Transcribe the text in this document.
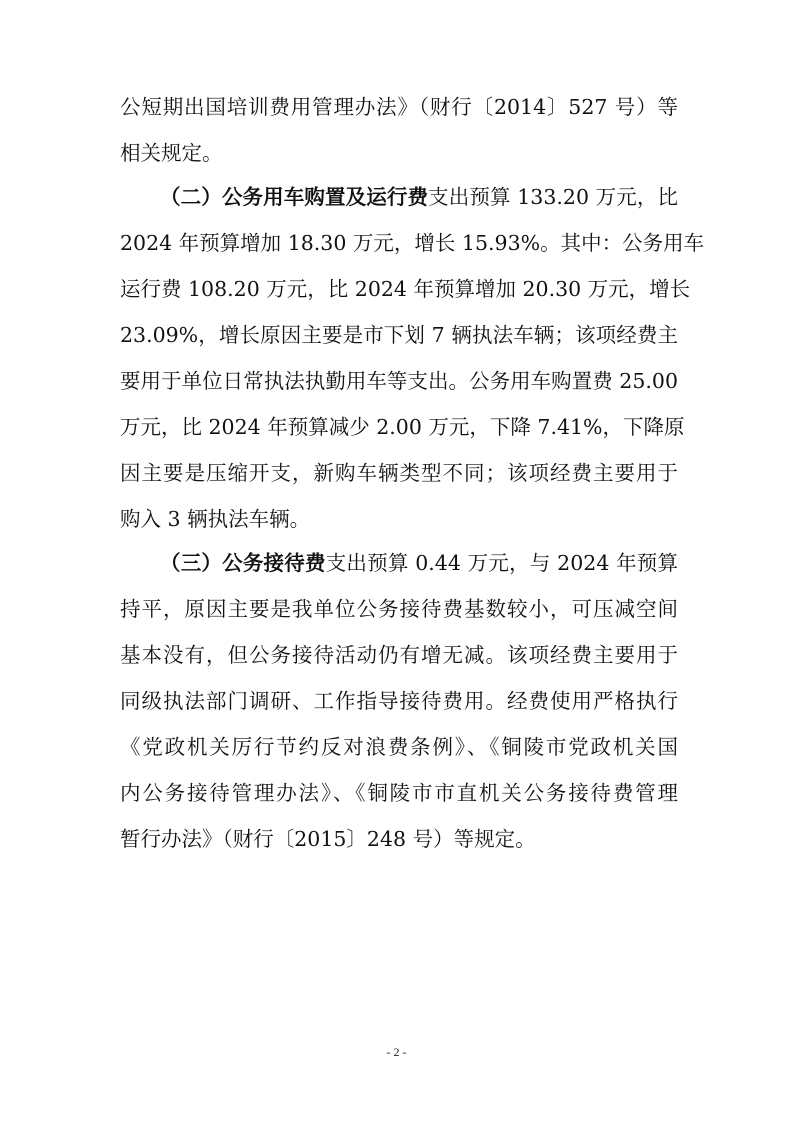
公短期出国培训费用管理办法》（财行〔2014〕527 号）等
相关规定。
（二）公务用车购置及运行费支出预算 133.20 万元，比
2024 年预算增加 18.30 万元，增长 15.93%。其中：公务用车
运行费 108.20 万元，比 2024 年预算增加 20.30 万元，增长
23.09%，增长原因主要是市下划 7 辆执法车辆；该项经费主
要用于单位日常执法执勤用车等支出。公务用车购置费 25.00
万元，比 2024 年预算减少 2.00 万元，下降 7.41%，下降原
因主要是压缩开支，新购车辆类型不同；该项经费主要用于
购入 3 辆执法车辆。
（三）公务接待费支出预算 0.44 万元，与 2024 年预算
持平，原因主要是我单位公务接待费基数较小，可压减空间
基本没有，但公务接待活动仍有增无减。该项经费主要用于
同级执法部门调研、工作指导接待费用。经费使用严格执行
《党政机关厉行节约反对浪费条例》、《铜陵市党政机关国
内公务接待管理办法》、《铜陵市市直机关公务接待费管理
暂行办法》（财行〔2015〕248 号）等规定。
- 2 -
